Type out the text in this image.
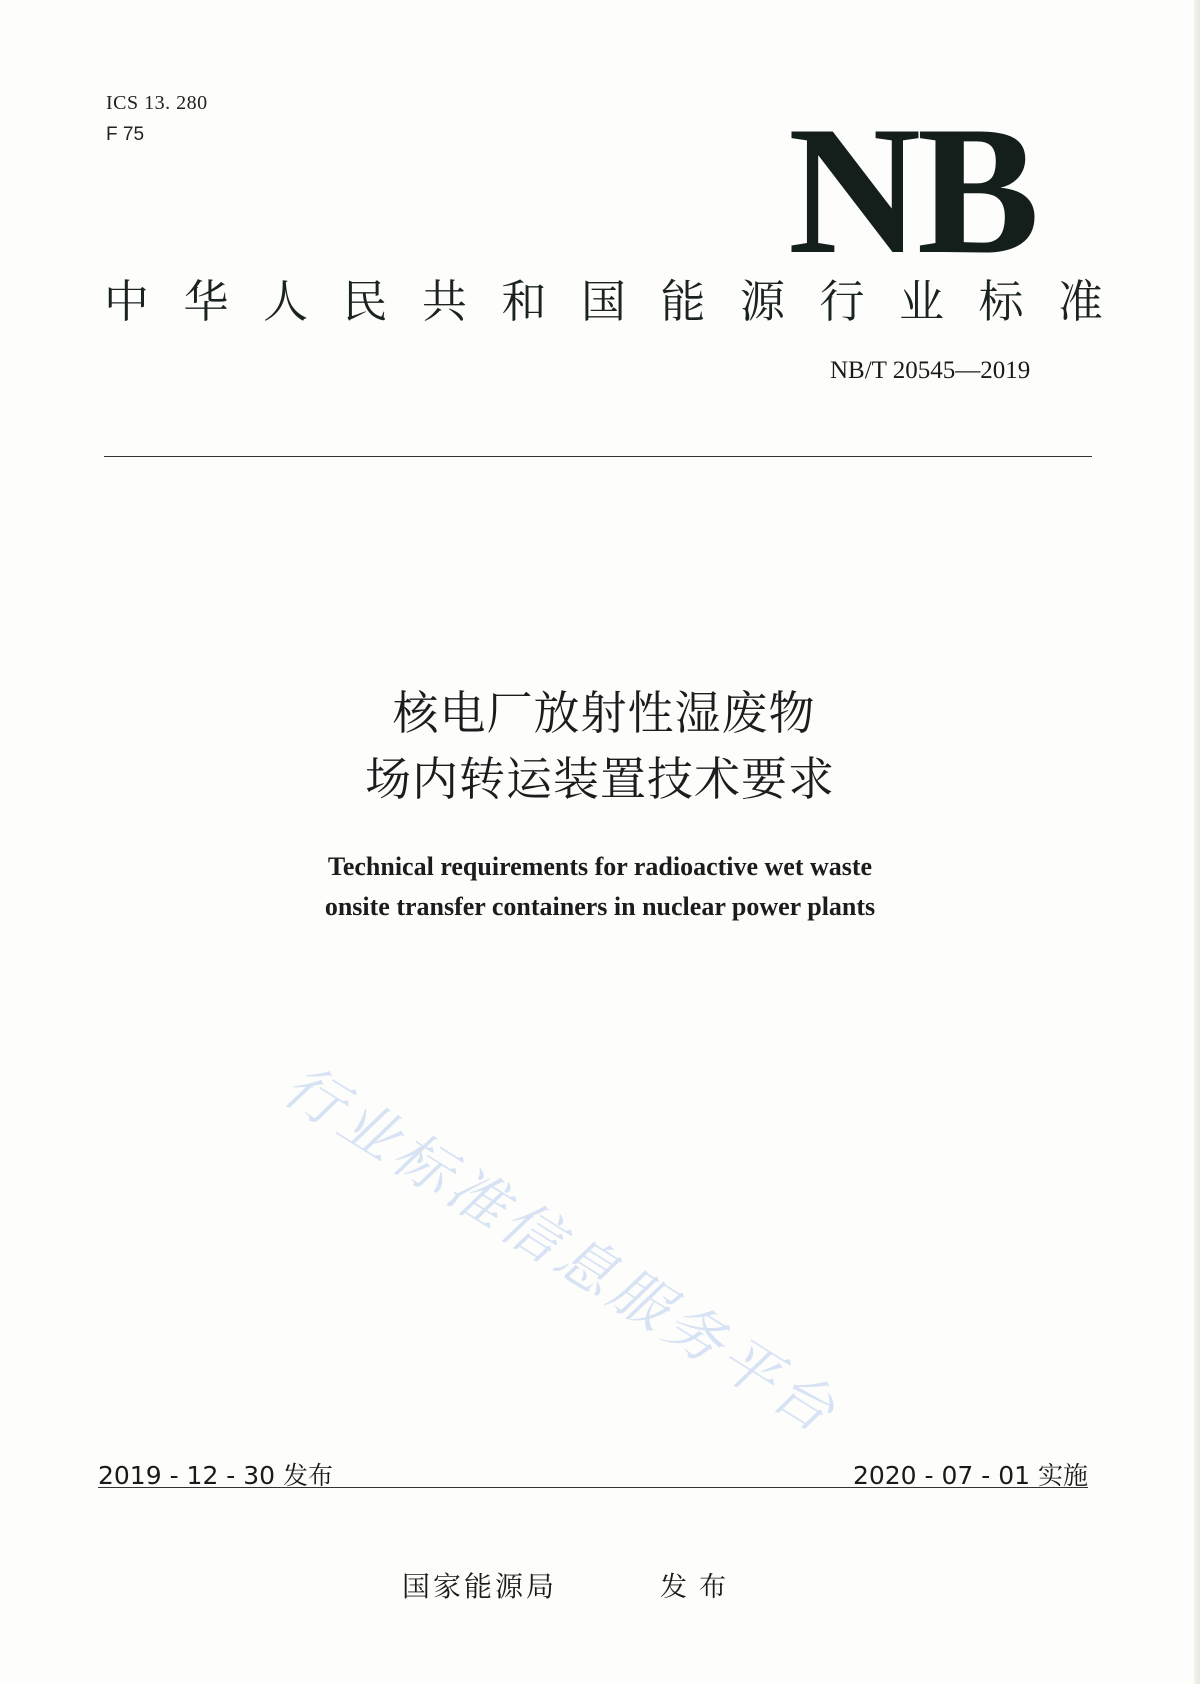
ICS 13. 280
F 75	NB
中华人民共和国能源行业标准
NB/T 20545—2019
核电厂放射性湿废物
场内转运装置技术要求
Technical requirements for radioactive wet waste
onsite transfer containers in nuclear power plants
行业标准信息服务平台
2019 - 12 - 30 发布	2020 - 07 - 01 实施
国家能源局	发布
